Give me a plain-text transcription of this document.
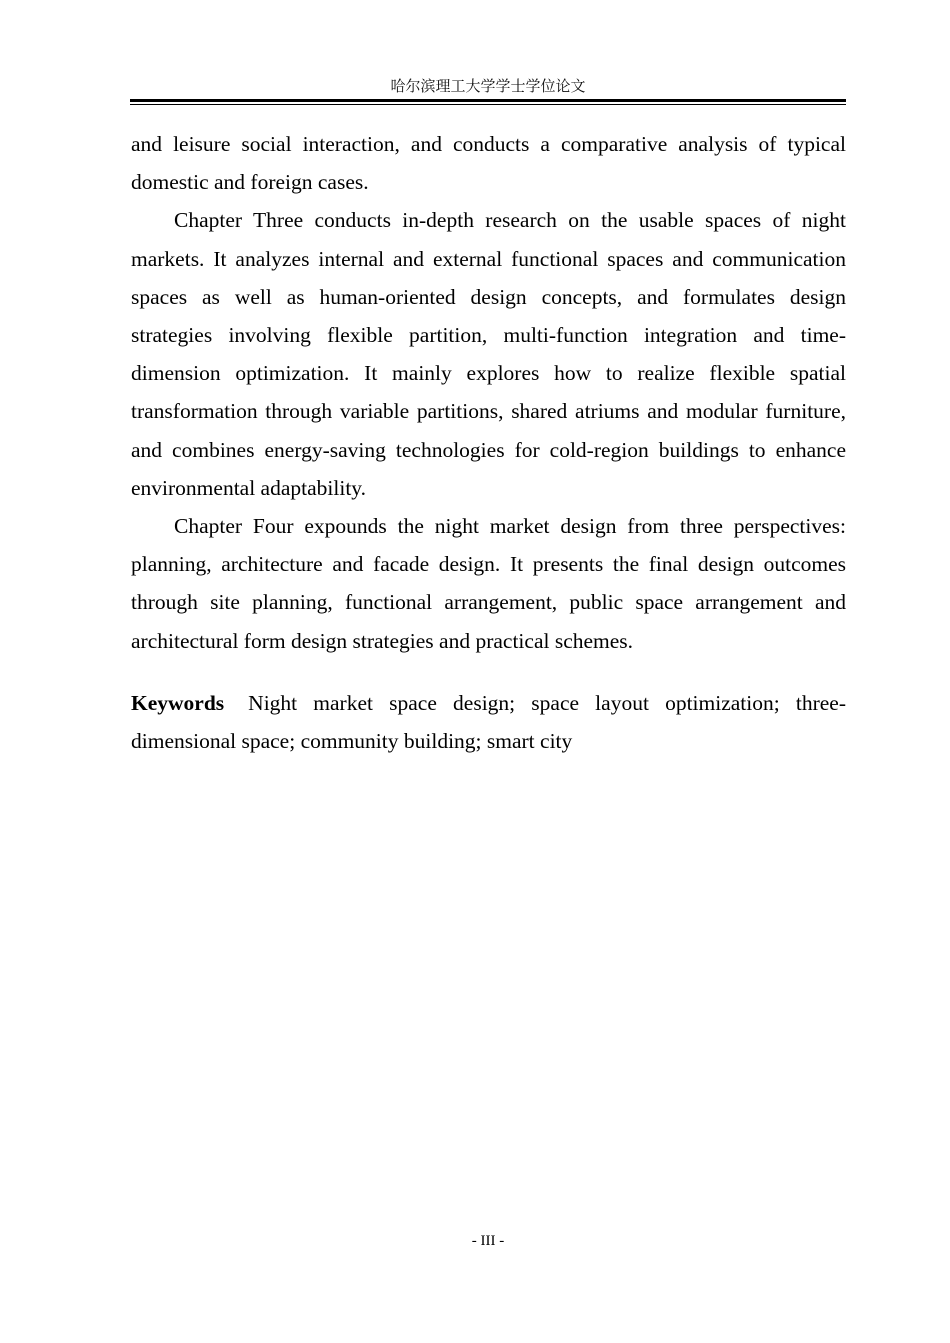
哈尔滨理工大学学士学位论文

and leisure social interaction, and conducts a comparative analysis of typical domestic and foreign cases.

Chapter Three conducts in-depth research on the usable spaces of night markets. It analyzes internal and external functional spaces and communication spaces as well as human-oriented design concepts, and formulates design strategies involving flexible partition, multi-function integration and time-dimension optimization. It mainly explores how to realize flexible spatial transformation through variable partitions, shared atriums and modular furniture, and combines energy-saving technologies for cold-region buildings to enhance environmental adaptability.

Chapter Four expounds the night market design from three perspectives: planning, architecture and facade design. It presents the final design outcomes through site planning, functional arrangement, public space arrangement and architectural form design strategies and practical schemes.

Keywords Night market space design; space layout optimization; three-dimensional space; community building; smart city

- III -
